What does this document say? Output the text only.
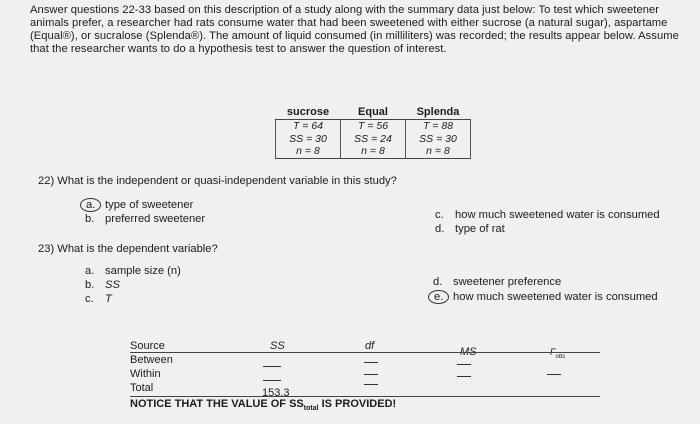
Answer questions 22-33 based on this description of a study along with the summary data just below: To test which sweetener

animals prefer, a researcher had rats consume water that had been sweetened with either sucrose (a natural sugar), aspartame

(Equal®), or sucralose (Splenda®). The amount of liquid consumed (in milliliters) was recorded; the results appear below. Assume

that the researcher wants to do a hypothesis test to answer the question of interest.

sucrose	Equal	Splenda
T = 64	T = 56	T = 88
SS = 30	SS = 24	SS = 30
n = 8	n = 8	n = 8
22) What is the independent or quasi-independent variable in this study?
a. type of sweetener
b. preferred sweetener	c. how much sweetened water is consumed
d. type of rat
23) What is the dependent variable?
a. sample size (n)
b. SS
c. T
d. sweetener preference
e. how much sweetened water is consumed
Source	SS	df	MS	$F_{obs}$
Between
Within
Total	153.3
NOTICE THAT THE VALUE OF $SS_{total}$ IS PROVIDED!
